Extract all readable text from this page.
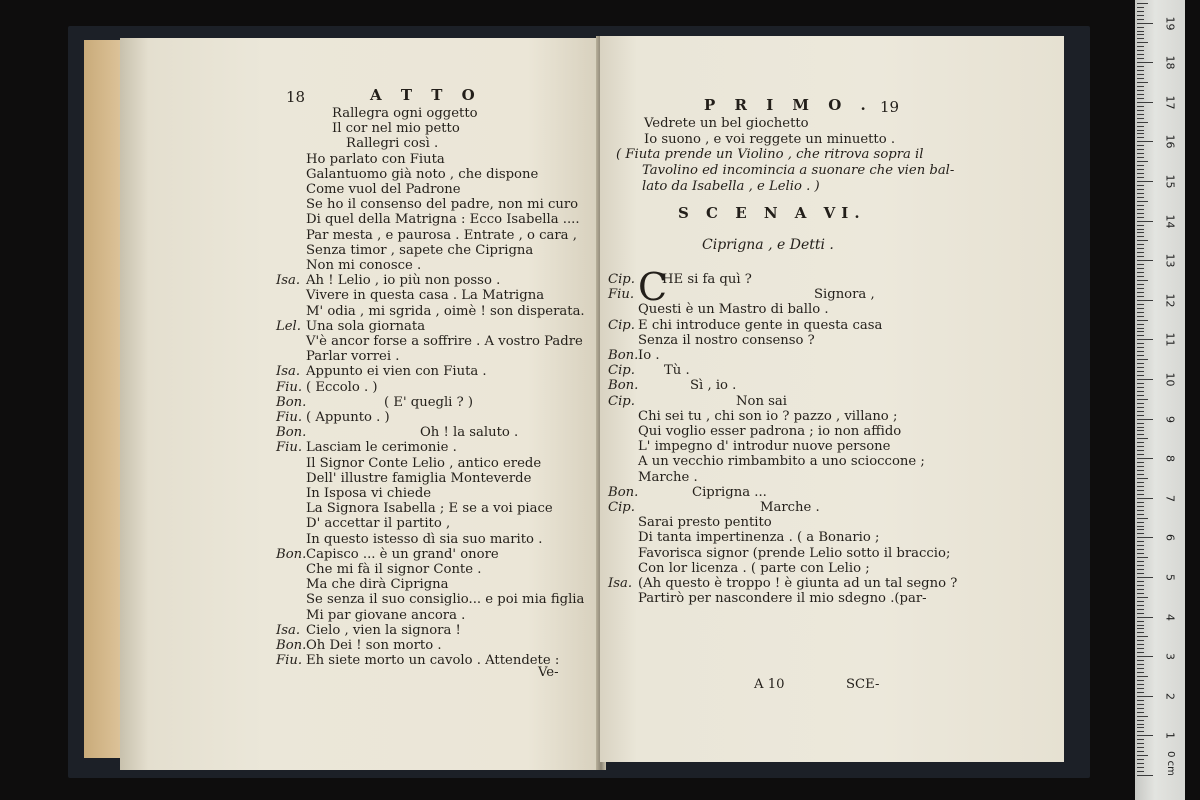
18	A T T O
Rallegra ogni oggetto
Il cor nel mio petto
Rallegri così .
Ho parlato con Fiuta
Galantuomo già noto , che dispone
Come vuol del Padrone
Se ho il consenso del padre, non mi curo
Di quel della Matrigna : Ecco Isabella ....
Par mesta , e paurosa . Entrate , o cara ,
Senza timor , sapete che Ciprigna
Non mi conosce .
Isa. Ah ! Lelio , io più non posso .
Vivere in questa casa . La Matrigna
M' odia , mi sgrida , oimè ! son disperata.
Lel. Una sola giornata
V'è ancor forse a soffrire . A vostro Padre
Parlar vorrei .
Isa. Appunto ei vien con Fiuta .
Fiu. ( Eccolo . )
Bon.	( E' quegli ? )
Fiu. ( Appunto . )
Bon.	Oh ! la saluto .
Fiu. Lasciam le cerimonie .
Il Signor Conte Lelio , antico erede
Dell' illustre famiglia Monteverde
In Isposa vi chiede
La Signora Isabella ; E se a voi piace
D' accettar il partito ,
In questo istesso dì sia suo marito .
Bon. Capisco ... è un grand' onore
Che mi fà il signor Conte .
Ma che dirà Ciprigna
Se senza il suo consiglio... e poi mia figlia
Mi par giovane ancora .
Isa. Cielo , vien la signora !
Bon. Oh Dei ! son morto .
Fiu. Eh siete morto un cavolo . Attendete :
Ve-
P R I M O . 19
Vedrete un bel giochetto
Io suono , e voi reggete un minuetto .
( Fiuta prende un Violino , che ritrova sopra il
Tavolino ed incomincia a suonare che vien bal-
lato da Isabella , e Lelio . )
S C E N A VI.
Ciprigna , e Detti .
C
Cip. HE si fa quì ?
Fiu.	Signora ,
Questi è un Mastro di ballo .
Cip. E chi introduce gente in questa casa
Senza il nostro consenso ?
Bon. Io .
Cip. Tù .
Bon.	Sì , io .
Cip.	Non sai
Chi sei tu , chi son io ? pazzo , villano ;
Qui voglio esser padrona ; io non affido
L' impegno d' introdur nuove persone
A un vecchio rimbambito a uno scioccone ;
Marche .
Bon.	Ciprigna ...
Cip.	Marche .
Sarai presto pentito
Di tanta impertinenza . ( a Bonario ;
Favorisca signor (prende Lelio sotto il braccio;
Con lor licenza . ( parte con Lelio ;
Isa. (Ah questo è troppo ! è giunta ad un tal segno ?
Partirò per nascondere il mio sdegno .(par-
A 10	SCE-
1
2
3
4
5
6
7
8
9
10
11
12
13
14
15
16
17
18
19
0 cm
